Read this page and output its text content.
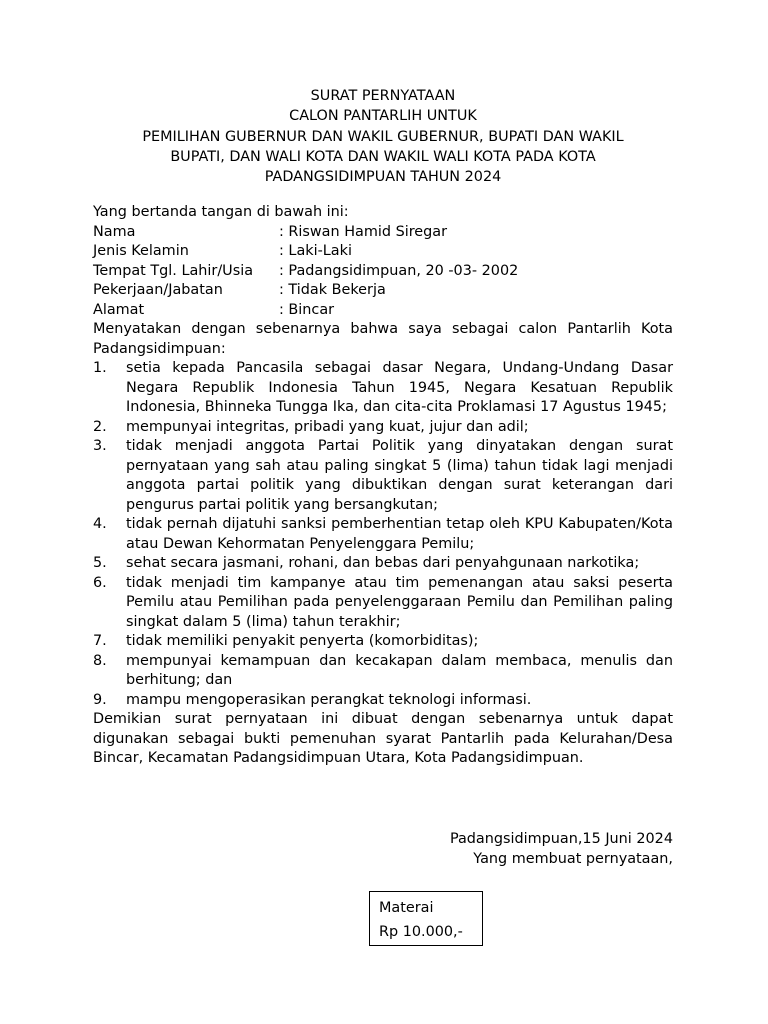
SURAT PERNYATAAN
CALON PANTARLIH UNTUK
PEMILIHAN GUBERNUR DAN WAKIL GUBERNUR, BUPATI DAN WAKIL
BUPATI, DAN WALI KOTA DAN WAKIL WALI KOTA PADA KOTA
PADANGSIDIMPUAN TAHUN 2024
Yang bertanda tangan di bawah ini:
Nama	: Riswan Hamid Siregar
Jenis Kelamin	: Laki-Laki
Tempat Tgl. Lahir/Usia	: Padangsidimpuan, 20 -03- 2002
Pekerjaan/Jabatan	: Tidak Bekerja
Alamat	: Bincar
Menyatakan dengan sebenarnya bahwa saya sebagai calon Pantarlih Kota Padangsidimpuan:
1.	setia kepada Pancasila sebagai dasar Negara, Undang-Undang Dasar Negara Republik Indonesia Tahun 1945, Negara Kesatuan Republik Indonesia, Bhinneka Tungga Ika, dan cita-cita Proklamasi 17 Agustus 1945;
2.	mempunyai integritas, pribadi yang kuat, jujur dan adil;
3.	tidak menjadi anggota Partai Politik yang dinyatakan dengan surat pernyataan yang sah atau paling singkat 5 (lima) tahun tidak lagi menjadi anggota partai politik yang dibuktikan dengan surat keterangan dari pengurus partai politik yang bersangkutan;
4.	tidak pernah dijatuhi sanksi pemberhentian tetap oleh KPU Kabupaten/Kota atau Dewan Kehormatan Penyelenggara Pemilu;
5.	sehat secara jasmani, rohani, dan bebas dari penyahgunaan narkotika;
6.	tidak menjadi tim kampanye atau tim pemenangan atau saksi peserta Pemilu atau Pemilihan pada penyelenggaraan Pemilu dan Pemilihan paling singkat dalam 5 (lima) tahun terakhir;
7.	tidak memiliki penyakit penyerta (komorbiditas);
8.	mempunyai kemampuan dan kecakapan dalam membaca, menulis dan berhitung; dan
9.	mampu mengoperasikan perangkat teknologi informasi.
Demikian surat pernyataan ini dibuat dengan sebenarnya untuk dapat digunakan sebagai bukti pemenuhan syarat Pantarlih pada Kelurahan/Desa Bincar, Kecamatan Padangsidimpuan Utara, Kota Padangsidimpuan.
Padangsidimpuan,15 Juni 2024
Yang membuat pernyataan,
Materai
Rp 10.000,-
